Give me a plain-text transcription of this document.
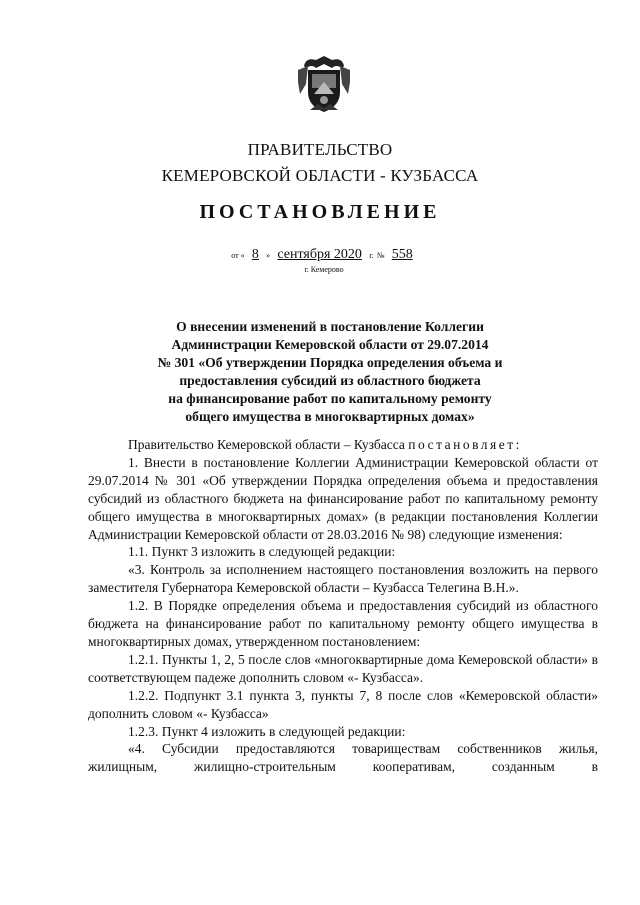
ПРАВИТЕЛЬСТВО
КЕМЕРОВСКОЙ ОБЛАСТИ - КУЗБАССА
ПОСТАНОВЛЕНИЕ
от « 8 » сентября 2020 г. № 558
г. Кемерово
О внесении изменений в постановление Коллегии
Администрации Кемеровской области от 29.07.2014
№ 301 «Об утверждении Порядка определения объема и
предоставления субсидий из областного бюджета
на финансирование работ по капитальному ремонту
общего имущества в многоквартирных домах»

Правительство Кемеровской области – Кузбасса постановляет:

1. Внести в постановление Коллегии Администрации Кемеровской области от 29.07.2014 № 301 «Об утверждении Порядка определения объема и предоставления субсидий из областного бюджета на финансирование работ по капитальному ремонту общего имущества в многоквартирных домах» (в редакции постановления Коллегии Администрации Кемеровской области от 28.03.2016 № 98) следующие изменения:

1.1. Пункт 3 изложить в следующей редакции:

«3. Контроль за исполнением настоящего постановления возложить на первого заместителя Губернатора Кемеровской области – Кузбасса Телегина В.Н.».

1.2. В Порядке определения объема и предоставления субсидий из областного бюджета на финансирование работ по капитальному ремонту общего имущества в многоквартирных домах, утвержденном постановлением:

1.2.1. Пункты 1, 2, 5 после слов «многоквартирные дома Кемеровской области» в соответствующем падеже дополнить словом «- Кузбасса».

1.2.2. Подпункт 3.1 пункта 3, пункты 7, 8 после слов «Кемеровской области» дополнить словом «- Кузбасса»

1.2.3. Пункт 4 изложить в следующей редакции:

«4. Субсидии предоставляются товариществам собственников жилья, жилищным, жилищно-строительным кооперативам, созданным в
